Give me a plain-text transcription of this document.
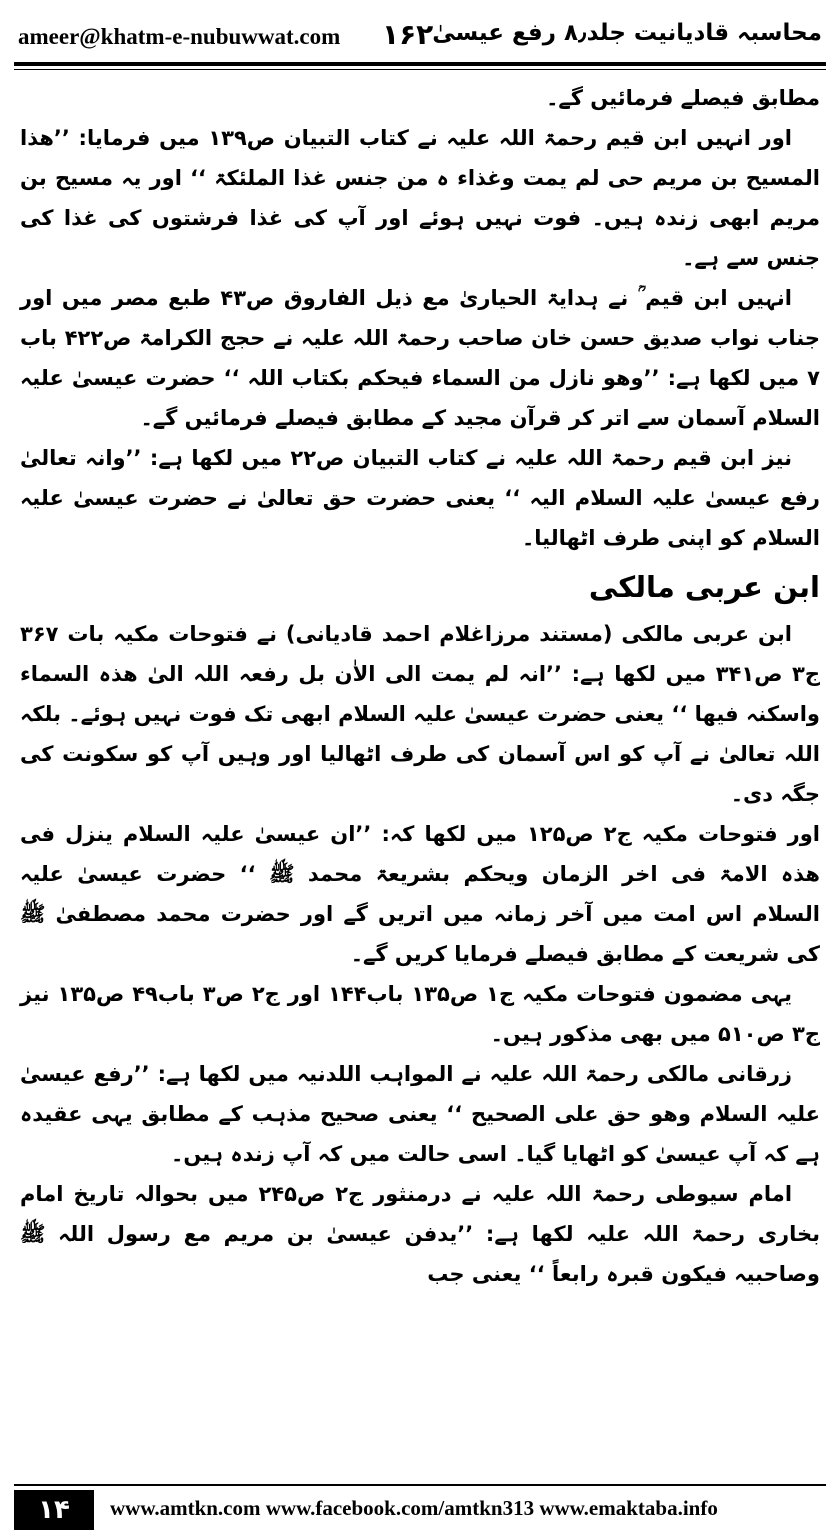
ameer@khatm-e-nubuwwat.com ۱۶۲
محاسبہ قادیانیت جلد۸٫ رفع عیسیٰ

مطابق فیصلے فرمائیں گے۔

اور انہیں ابن قیم رحمۃ اللہ علیہ نے کتاب التبیان ص۱۳۹ میں فرمایا: ’’ھذا المسیح بن مریم حی لم یمت وغذاء ہ من جنس غذا الملئکۃ ‘‘ اور یہ مسیح بن مریم ابھی زندہ ہیں۔ فوت نہیں ہوئے اور آپ کی غذا فرشتوں کی غذا کی جنس سے ہے۔

انہیں ابن قیم ؒ نے ہدایۃ الحیاریٰ مع ذیل الفاروق ص۴۳ طبع مصر میں اور جناب نواب صدیق حسن خان صاحب رحمۃ اللہ علیہ نے حجج الکرامۃ ص۴۲۲ باب ۷ میں لکھا ہے: ’’وھو نازل من السماء فیحکم بکتاب اللہ ‘‘ حضرت عیسیٰ علیہ السلام آسمان سے اتر کر قرآن مجید کے مطابق فیصلے فرمائیں گے۔

نیز ابن قیم رحمۃ اللہ علیہ نے کتاب التبیان ص۲۲ میں لکھا ہے: ’’وانہ تعالیٰ رفع عیسیٰ علیہ السلام الیہ ‘‘ یعنی حضرت حق تعالیٰ نے حضرت عیسیٰ علیہ السلام کو اپنی طرف اٹھالیا۔

ابن عربی مالکی

ابن عربی مالکی (مستند مرزاغلام احمد قادیانی) نے فتوحات مکیہ بات ۳۶۷ ج۳ ص۳۴۱ میں لکھا ہے: ’’انہ لم یمت الی الاٰن بل رفعہ اللہ الیٰ ھذہ السماء واسکنہ فیھا ‘‘ یعنی حضرت عیسیٰ علیہ السلام ابھی تک فوت نہیں ہوئے۔ بلکہ اللہ تعالیٰ نے آپ کو اس آسمان کی طرف اٹھالیا اور وہیں آپ کو سکونت کی جگہ دی۔

اور فتوحات مکیہ ج۲ ص۱۲۵ میں لکھا کہ: ’’ان عیسیٰ علیہ السلام ینزل فی ھذہ الامۃ فی اخر الزمان ویحکم بشریعۃ محمد ﷺ ‘‘ حضرت عیسیٰ علیہ السلام اس امت میں آخر زمانہ میں اتریں گے اور حضرت محمد مصطفیٰ ﷺ کی شریعت کے مطابق فیصلے فرمایا کریں گے۔

یہی مضمون فتوحات مکیہ ج۱ ص۱۳۵ باب۱۴۴ اور ج۲ ص۳ باب۴۹ ص۱۳۵ نیز ج۳ ص۵۱۰ میں بھی مذکور ہیں۔

زرقانی مالکی رحمۃ اللہ علیہ نے المواہب اللدنیہ میں لکھا ہے: ’’رفع عیسیٰ علیہ السلام وھو حق علی الصحیح ‘‘ یعنی صحیح مذہب کے مطابق یہی عقیدہ ہے کہ آپ عیسیٰ کو اٹھایا گیا۔ اسی حالت میں کہ آپ زندہ ہیں۔

امام سیوطی رحمۃ اللہ علیہ نے درمنثور ج۲ ص۲۴۵ میں بحوالہ تاریخ امام بخاری رحمۃ اللہ علیہ لکھا ہے: ’’یدفن عیسیٰ بن مریم مع رسول اللہ ﷺ وصاحبیہ فیکون قبرہ رابعاً ‘‘ یعنی جب

۱۴	www.amtkn.com www.facebook.com/amtkn313 www.emaktaba.info
